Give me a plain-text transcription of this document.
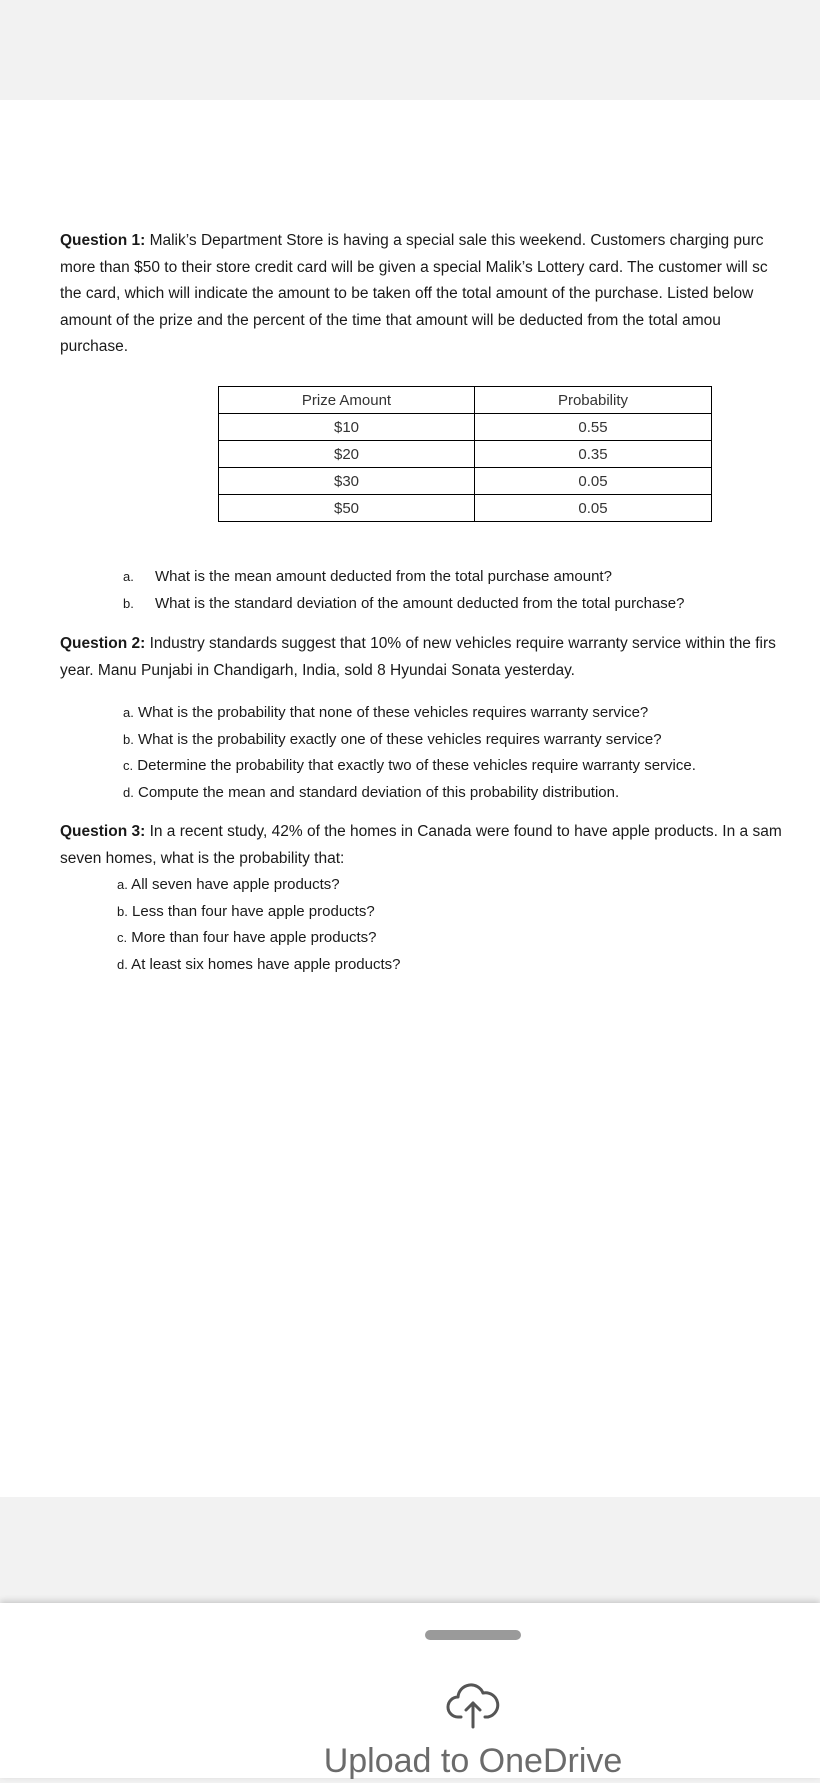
Question 1: Malik’s Department Store is having a special sale this weekend. Customers charging purc

more than $50 to their store credit card will be given a special Malik’s Lottery card. The customer will sc

the card, which will indicate the amount to be taken off the total amount of the purchase. Listed below

amount of the prize and the percent of the time that amount will be deducted from the total amou

purchase.

Prize Amount	Probability
$10	0.55
$20	0.35
$30	0.05
$50	0.05
a. What is the mean amount deducted from the total purchase amount?
b. What is the standard deviation of the amount deducted from the total purchase?

Question 2: Industry standards suggest that 10% of new vehicles require warranty service within the firs

year. Manu Punjabi in Chandigarh, India, sold 8 Hyundai Sonata yesterday.

a. What is the probability that none of these vehicles requires warranty service?
b. What is the probability exactly one of these vehicles requires warranty service?
c. Determine the probability that exactly two of these vehicles require warranty service.
d. Compute the mean and standard deviation of this probability distribution.

Question 3: In a recent study, 42% of the homes in Canada were found to have apple products. In a sam

seven homes, what is the probability that:

a. All seven have apple products?
b. Less than four have apple products?
c. More than four have apple products?
d. At least six homes have apple products?
Upload to OneDrive
